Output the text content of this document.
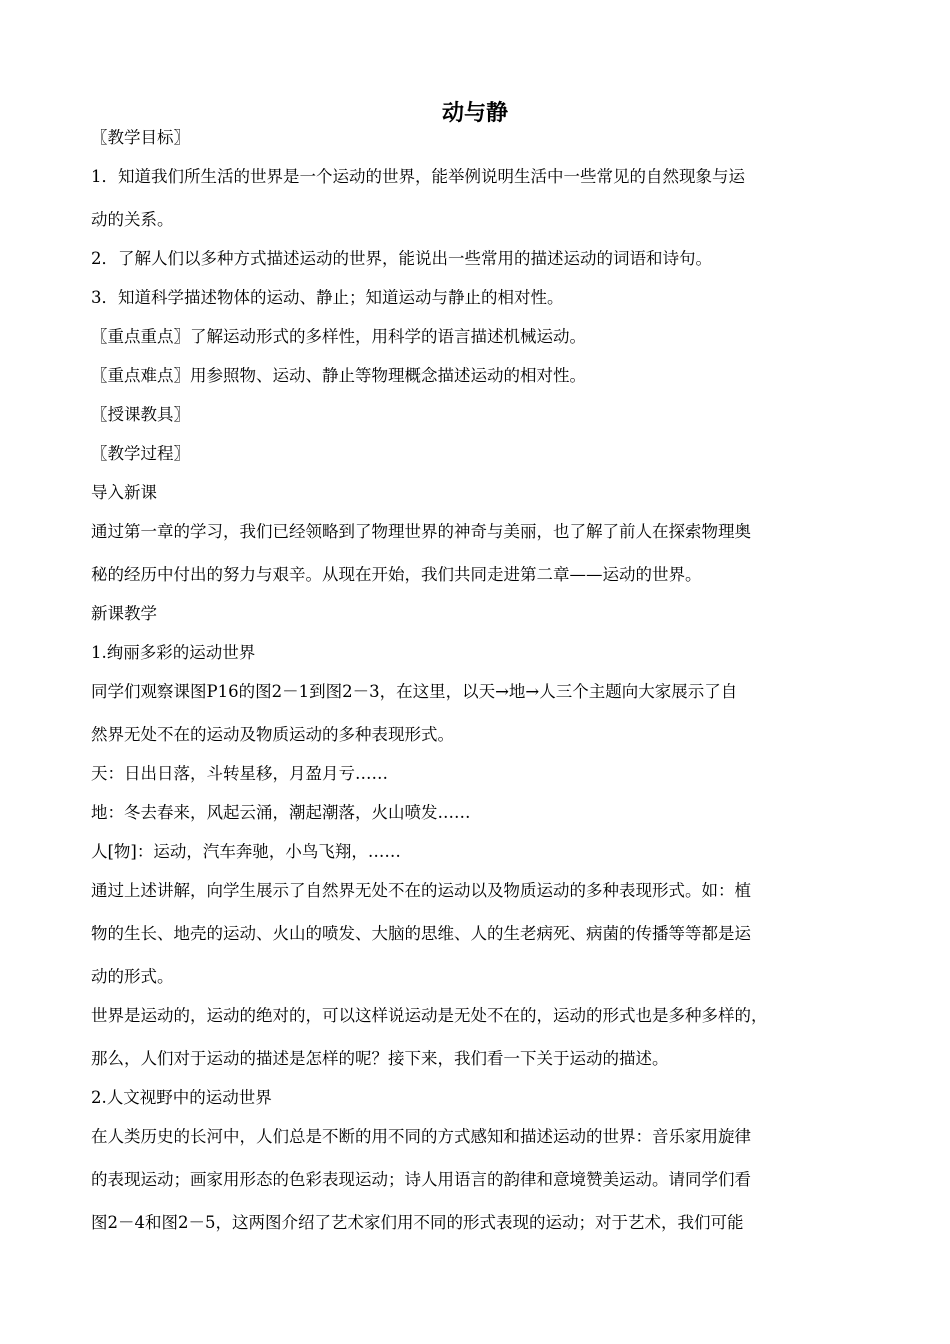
动与静

〖教学目标〗

1．知道我们所生活的世界是一个运动的世界，能举例说明生活中一些常见的自然现象与运

动的关系。

2．了解人们以多种方式描述运动的世界，能说出一些常用的描述运动的词语和诗句。

3．知道科学描述物体的运动、静止；知道运动与静止的相对性。

〖重点重点〗了解运动形式的多样性，用科学的语言描述机械运动。

〖重点难点〗用参照物、运动、静止等物理概念描述运动的相对性。

〖授课教具〗

〖教学过程〗

导入新课

通过第一章的学习，我们已经领略到了物理世界的神奇与美丽，也了解了前人在探索物理奥

秘的经历中付出的努力与艰辛。从现在开始，我们共同走进第二章——运动的世界。

新课教学

1.绚丽多彩的运动世界

同学们观察课图P16的图2－1到图2－3，在这里，以天→地→人三个主题向大家展示了自

然界无处不在的运动及物质运动的多种表现形式。

天：日出日落，斗转星移，月盈月亏……

地：冬去春来，风起云涌，潮起潮落，火山喷发……

人[物]：运动，汽车奔驰，小鸟飞翔，……

通过上述讲解，向学生展示了自然界无处不在的运动以及物质运动的多种表现形式。如：植

物的生长、地壳的运动、火山的喷发、大脑的思维、人的生老病死、病菌的传播等等都是运

动的形式。

世界是运动的，运动的绝对的，可以这样说运动是无处不在的，运动的形式也是多种多样的，

那么，人们对于运动的描述是怎样的呢？接下来，我们看一下关于运动的描述。

2.人文视野中的运动世界

在人类历史的长河中，人们总是不断的用不同的方式感知和描述运动的世界：音乐家用旋律

的表现运动；画家用形态的色彩表现运动；诗人用语言的韵律和意境赞美运动。请同学们看

图2－4和图2－5，这两图介绍了艺术家们用不同的形式表现的运动；对于艺术，我们可能
